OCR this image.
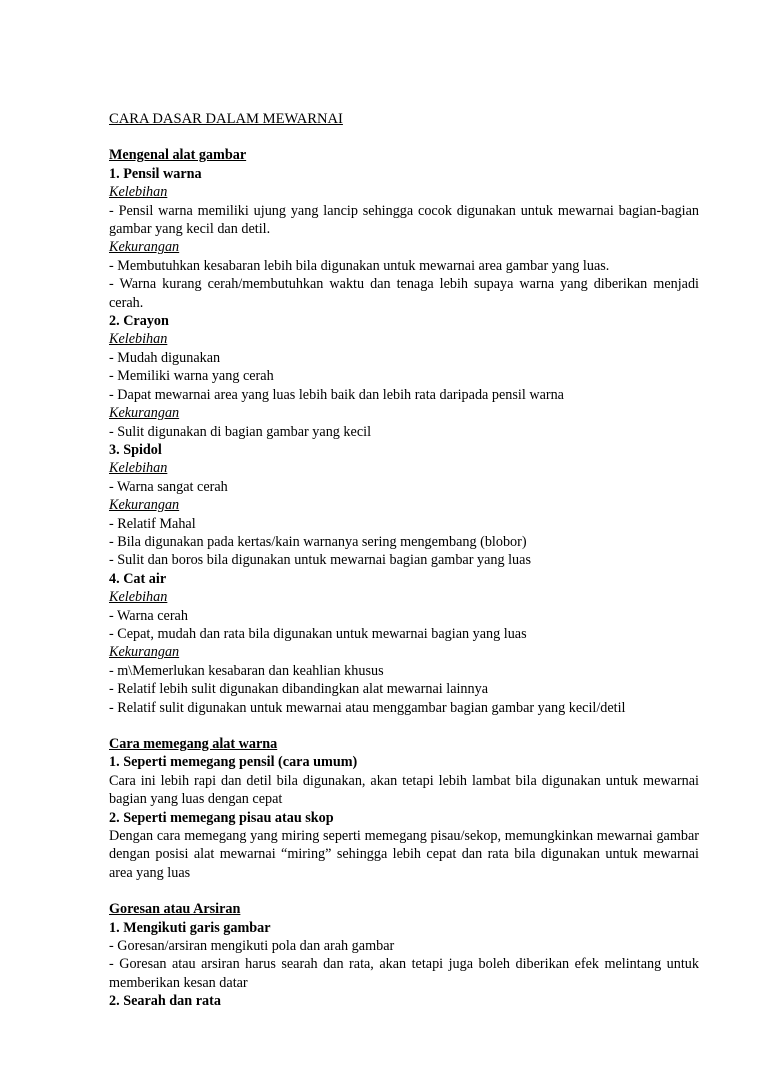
CARA DASAR DALAM MEWARNAI

Mengenal alat gambar

1. Pensil warna

Kelebihan

- Pensil warna memiliki ujung yang lancip sehingga cocok digunakan untuk mewarnai bagian-bagian gambar yang kecil dan detil.

Kekurangan

- Membutuhkan kesabaran lebih bila digunakan untuk mewarnai area gambar yang luas.

- Warna kurang cerah/membutuhkan waktu dan tenaga lebih supaya warna yang diberikan menjadi cerah.

2. Crayon

Kelebihan

- Mudah digunakan

- Memiliki warna yang cerah

- Dapat mewarnai area yang luas lebih baik dan lebih rata daripada pensil warna

Kekurangan

- Sulit digunakan di bagian gambar yang kecil

3. Spidol

Kelebihan

- Warna sangat cerah

Kekurangan

- Relatif Mahal

- Bila digunakan pada kertas/kain warnanya sering mengembang (blobor)

- Sulit dan boros bila digunakan untuk mewarnai bagian gambar yang luas

4. Cat air

Kelebihan

- Warna cerah

- Cepat, mudah dan rata bila digunakan untuk mewarnai bagian yang luas

Kekurangan

- m\Memerlukan kesabaran dan keahlian khusus

- Relatif lebih sulit digunakan dibandingkan alat mewarnai lainnya

- Relatif sulit digunakan untuk mewarnai atau menggambar bagian gambar yang kecil/detil

Cara memegang alat warna

1. Seperti memegang pensil (cara umum)

Cara ini lebih rapi dan detil bila digunakan, akan tetapi lebih lambat bila digunakan untuk mewarnai bagian yang luas dengan cepat

2. Seperti memegang pisau atau skop

Dengan cara memegang yang miring seperti memegang pisau/sekop, memungkinkan mewarnai gambar dengan posisi alat mewarnai “miring” sehingga lebih cepat dan rata bila digunakan untuk mewarnai area yang luas

Goresan atau Arsiran

1. Mengikuti garis gambar

- Goresan/arsiran mengikuti pola dan arah gambar

- Goresan atau arsiran harus searah dan rata, akan tetapi juga boleh diberikan efek melintang untuk memberikan kesan datar

2. Searah dan rata
